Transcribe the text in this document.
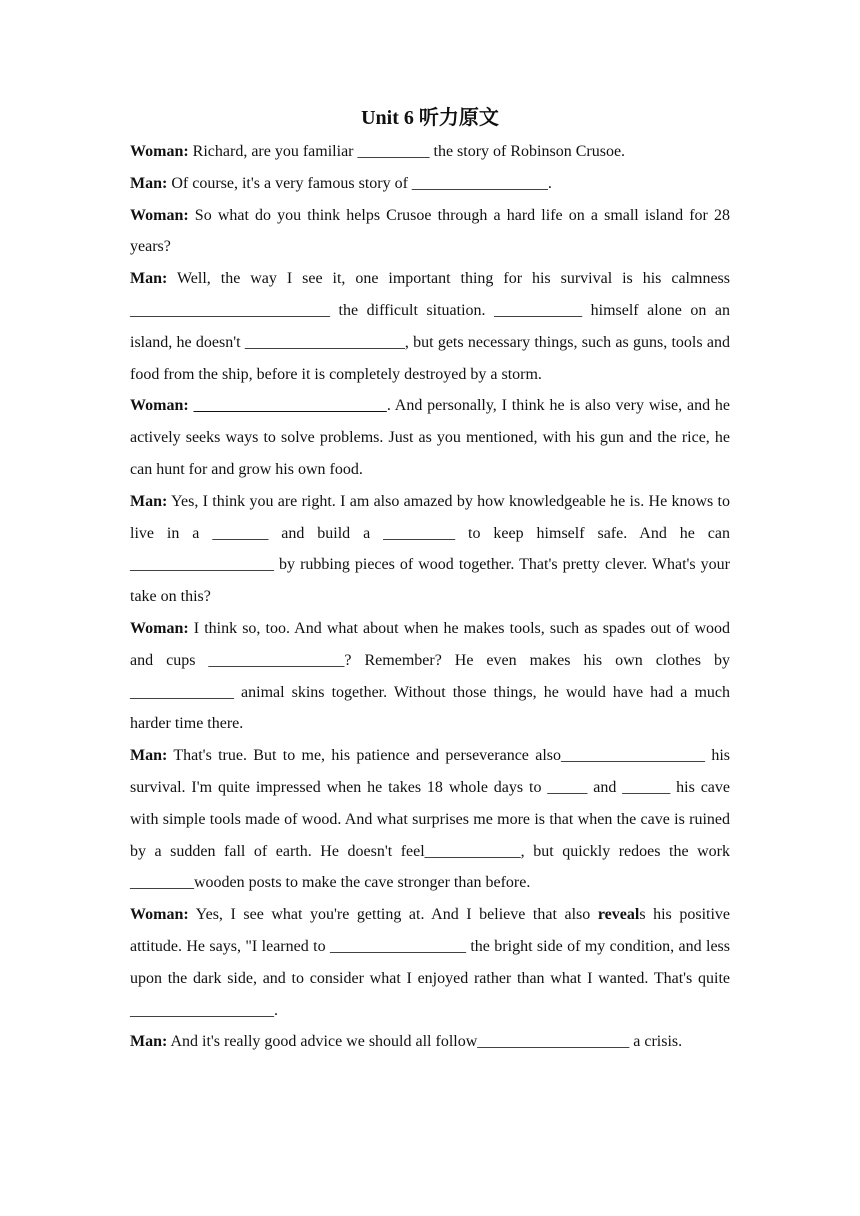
Unit 6 听力原文

Woman: Richard, are you familiar _________ the story of Robinson Crusoe.

Man: Of course, it's a very famous story of _________________.

Woman: So what do you think helps Crusoe through a hard life on a small island for 28 years?

Man: Well, the way I see it, one important thing for his survival is his calmness _________________________ the difficult situation. ___________ himself alone on an island, he doesn't ____________________, but gets necessary things, such as guns, tools and food from the ship, before it is completely destroyed by a storm.

Woman:	. And personally, I think he is also very wise, and he actively seeks ways to solve problems. Just as you mentioned, with his gun and the rice, he can hunt for and grow his own food.

Man: Yes, I think you are right. I am also amazed by how knowledgeable he is. He knows to live in a _______ and build a _________ to keep himself safe. And he can __________________ by rubbing pieces of wood together. That's pretty clever. What's your take on this?

Woman: I think so, too. And what about when he makes tools, such as spades out of wood and cups _________________? Remember? He even makes his own clothes by _____________ animal skins together. Without those things, he would have had a much harder time there.

Man: That's true. But to me, his patience and perseverance also__________________ his survival. I'm quite impressed when he takes 18 whole days to _____ and ______ his cave with simple tools made of wood. And what surprises me more is that when the cave is ruined by a sudden fall of earth. He doesn't feel____________, but quickly redoes the work ________wooden posts to make the cave stronger than before.

Woman: Yes, I see what you're getting at. And I believe that also reveals his positive attitude. He says, "I learned to _________________ the bright side of my condition, and less upon the dark side, and to consider what I enjoyed rather than what I wanted. That's quite __________________.

Man: And it's really good advice we should all follow___________________ a crisis.
